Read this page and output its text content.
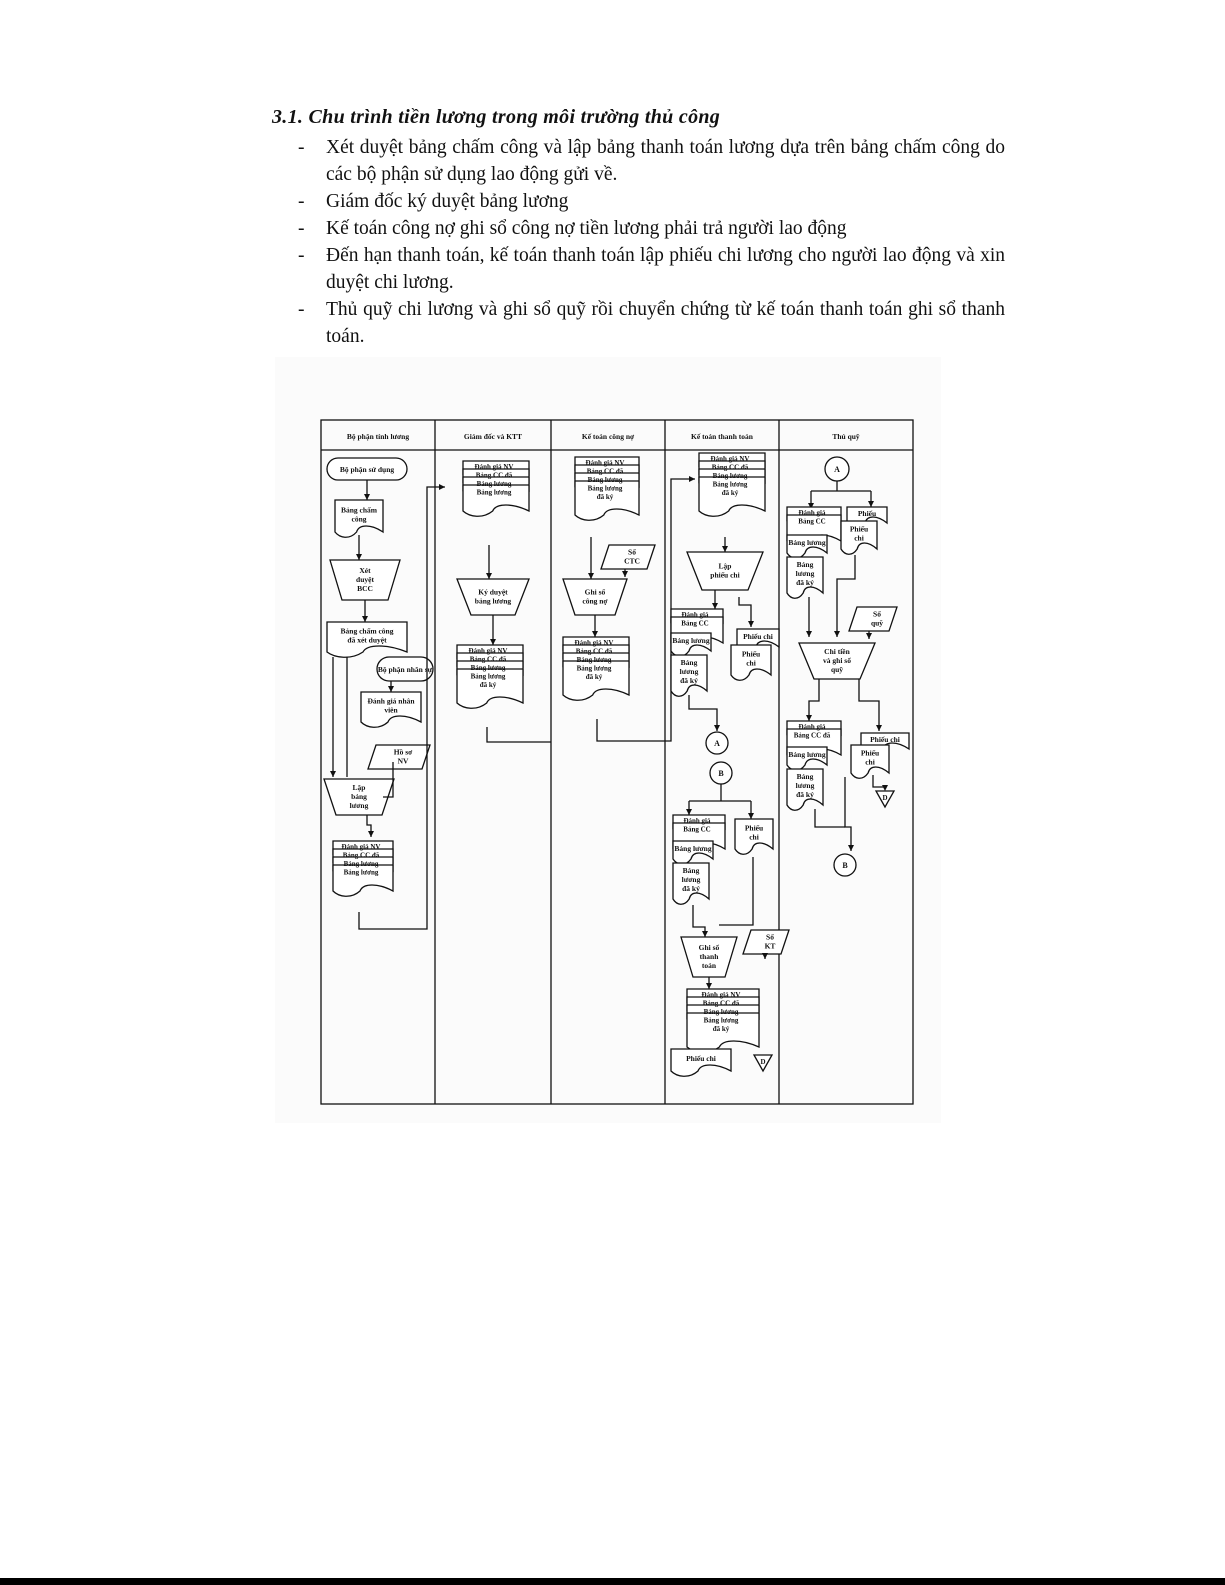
3.1. Chu trình tiền lương trong môi trường thủ công
- Xét duyệt bảng chấm công và lập bảng thanh toán lương dựa trên bảng chấm công do các bộ phận sử dụng lao động gửi về.
- Giám đốc ký duyệt bảng lương
- Kế toán công nợ ghi sổ công nợ tiền lương phải trả người lao động
- Đến hạn thanh toán, kế toán thanh toán lập phiếu chi lương cho người lao động và xin duyệt chi lương.
- Thủ quỹ chi lương và ghi sổ quỹ rồi chuyển chứng từ kế toán thanh toán ghi sổ thanh toán.
Bộ phận tính lương	Giám đốc và KTT	Kế toán công nợ	Kế toán thanh toán	Thủ quỹ
Bộ phận sử dụng
Bảng chấm
công
Xét
duyệt
BCC
Bảng chấm công
đã xét duyệt
Bộ phận nhân sự
Đánh giá nhân
viên
Hồ sơ
NV
Lập
bảng
lương
Đánh giá NV
Bảng CC đã
Bảng lương
Bảng lương
Đánh giá NV
Bảng CC đã
Bảng lương
Bảng lương
Ký duyệt
bảng lương
Đánh giá NV
Bảng CC đã
Bảng lương
Bảng lương
đã ký
Đánh giá NV
Bảng CC đã
Bảng lương
Bảng lương
đã ký
Sổ
CTC
Ghi sổ
công nợ
Đánh giá NV
Bảng CC đã
Bảng lương
Bảng lương
đã ký
Đánh giá NV
Bảng CC đã
Bảng lương
Bảng lương
đã ký
Lập
phiếu chi
Đánh giá
Bảng CC
Bảng lương
Bảng
lương
đã ký
Phiếu chi
Phiếu
chi
A
B
Đánh giá
Bảng CC
Bảng lương
Bảng
lương
đã ký
Phiếu
chi
Ghi sổ
thanh
toán
Sổ
KT
Đánh giá NV
Bảng CC đã
Bảng lương
Bảng lương
đã ký
Phiếu chi	D
A
Đánh giá
Bảng CC
Bảng lương
Bảng
lương
đã ký
Phiếu
Phiếu
chi
Sổ
quỹ
Chi tiền
và ghi sổ
quỹ
Đánh giá
Bảng CC đã
Bảng lương
Bảng
lương
đã ký
Phiếu chi
Phiếu
chi
D
B
